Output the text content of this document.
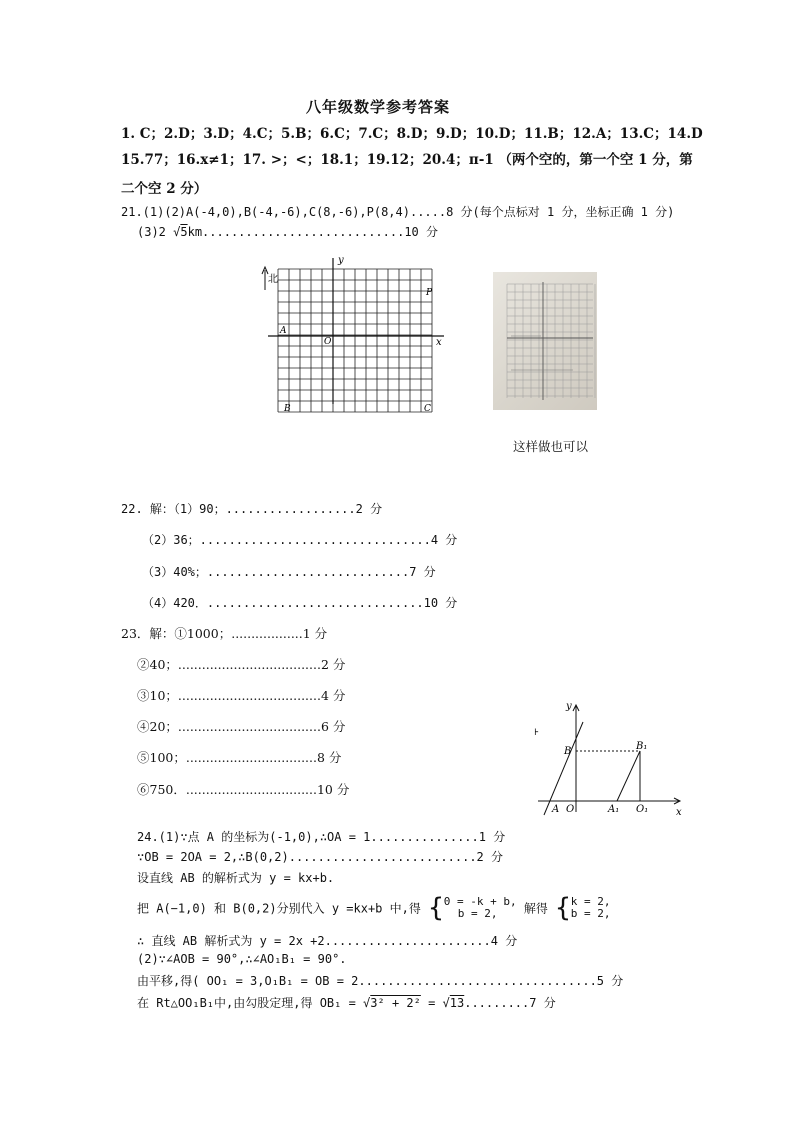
八年级数学参考答案
1. C；2.D；3.D；4.C；5.B；6.C；7.C；8.D；9.D；10.D；11.B；12.A；13.C；14.D
15.77；16.x≠1；17. >；<；18.1；19.12；20.4；π-1 （两个空的，第一个空 1 分，第
二个空 2 分）
21.(1)(2)A(-4,0),B(-4,-6),C(8,-6),P(8,4).....8 分(每个点标对 1 分，坐标正确 1 分)
(3)2 √5km............................10 分
北
y
x
O
A
B	C
P
这样做也可以
22. 解：（1）90；..................2 分
（2）36；................................4 分
（3）40%；............................7 分
（4）420．..............................10 分
23．解：①1000；..................1 分
②40；....................................2 分
③10；....................................4 分
④20；....................................6 分
⑤100；.................................8 分
⑥750．.................................10 分
y
x
B	B₁
A O	A₁ O₁
⊦
24.(1)∵点 A 的坐标为(-1,0),∴OA = 1...............1 分
∵OB = 2OA = 2,∴B(0,2)..........................2 分
设直线 AB 的解析式为 y = kx+b.
把 A(−1,0) 和 B(0,2)分别代入 y =kx+b 中,得 {0 = -k + b,
b = 2, 解得 {k = 2,
b = 2,
∴ 直线 AB 解析式为 y = 2x +2.......................4 分
(2)∵∠AOB = 90°,∴∠AO₁B₁ = 90°.
由平移,得( OO₁ = 3,O₁B₁ = OB = 2.................................5 分
在 Rt△OO₁B₁中,由勾股定理,得 OB₁ = √3² + 2² = √13.........7 分
